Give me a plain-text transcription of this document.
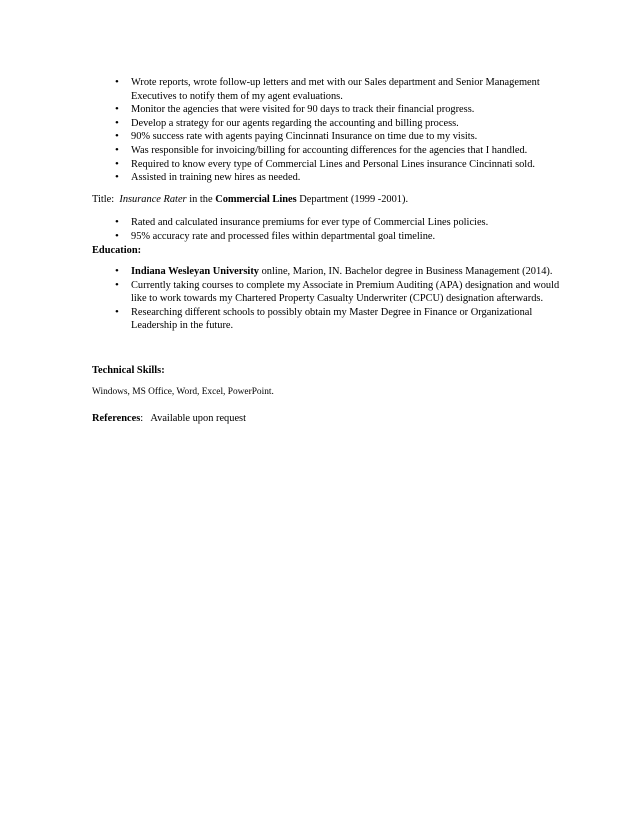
• Wrote reports, wrote follow-up letters and met with our Sales department and Senior Management Executives to notify them of my agent evaluations.
• Monitor the agencies that were visited for 90 days to track their financial progress.
• Develop a strategy for our agents regarding the accounting and billing process.
• 90% success rate with agents paying Cincinnati Insurance on time due to my visits.
• Was responsible for invoicing/billing for accounting differences for the agencies that I handled.
• Required to know every type of Commercial Lines and Personal Lines insurance Cincinnati sold.
• Assisted in training new hires as needed.
Title:  Insurance Rater in the Commercial Lines Department (1999 -2001).
• Rated and calculated insurance premiums for ever type of Commercial Lines policies.
• 95% accuracy rate and processed files within departmental goal timeline.
Education:
• Indiana Wesleyan University online, Marion, IN. Bachelor degree in Business Management (2014).
• Currently taking courses to complete my Associate in Premium Auditing (APA) designation and would like to work towards my Chartered Property Casualty Underwriter (CPCU) designation afterwards.
• Researching different schools to possibly obtain my Master Degree in Finance or Organizational Leadership in the future.
Technical Skills:
Windows, MS Office, Word, Excel, PowerPoint.
References:   Available upon request
